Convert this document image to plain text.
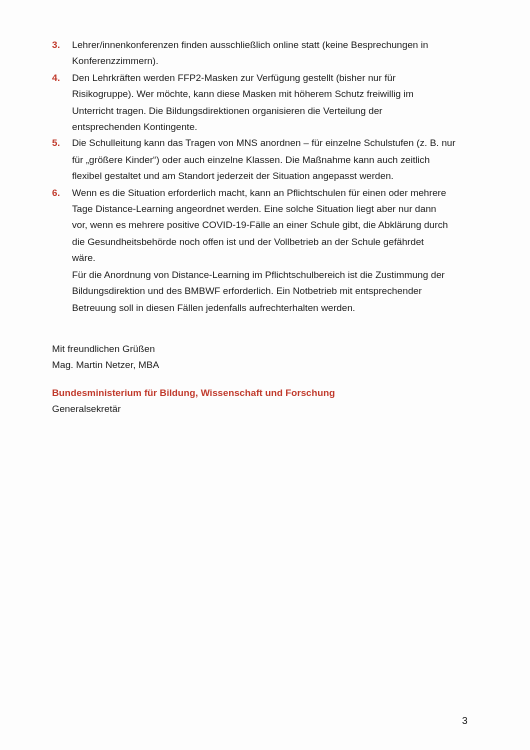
3.	Lehrer/innenkonferenzen finden ausschließlich online statt (keine Besprechungen in
Konferenzzimmern).
4.	Den Lehrkräften werden FFP2-Masken zur Verfügung gestellt (bisher nur für
Risikogruppe). Wer möchte, kann diese Masken mit höherem Schutz freiwillig im
Unterricht tragen. Die Bildungsdirektionen organisieren die Verteilung der
entsprechenden Kontingente.
5.	Die Schulleitung kann das Tragen von MNS anordnen – für einzelne Schulstufen (z. B. nur
für „größere Kinder“) oder auch einzelne Klassen. Die Maßnahme kann auch zeitlich
flexibel gestaltet und am Standort jederzeit der Situation angepasst werden.
6.	Wenn es die Situation erforderlich macht, kann an Pflichtschulen für einen oder mehrere
Tage Distance-Learning angeordnet werden. Eine solche Situation liegt aber nur dann
vor, wenn es mehrere positive COVID-19-Fälle an einer Schule gibt, die Abklärung durch
die Gesundheitsbehörde noch offen ist und der Vollbetrieb an der Schule gefährdet
wäre.
Für die Anordnung von Distance-Learning im Pflichtschulbereich ist die Zustimmung der
Bildungsdirektion und des BMBWF erforderlich. Ein Notbetrieb mit entsprechender
Betreuung soll in diesen Fällen jedenfalls aufrechterhalten werden.
Mit freundlichen Grüßen
Mag. Martin Netzer, MBA
Bundesministerium für Bildung, Wissenschaft und Forschung
Generalsekretär
3
